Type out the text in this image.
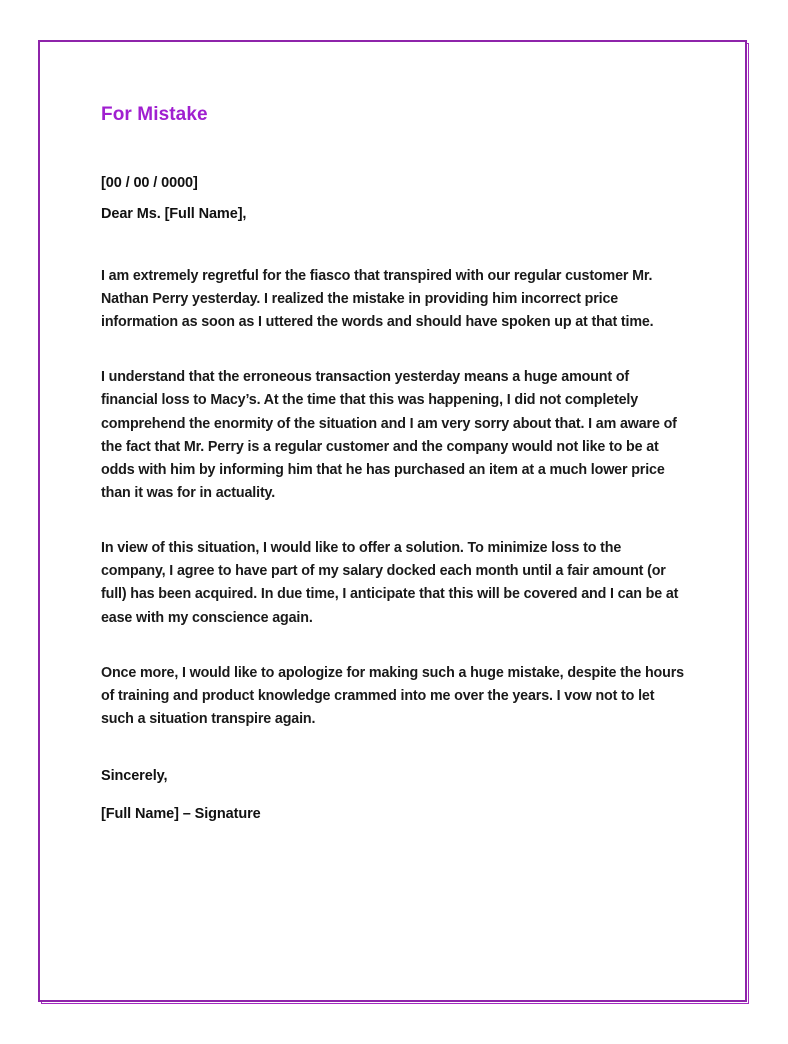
For Mistake

[00 / 00 / 0000]

Dear Ms. [Full Name],

I am extremely regretful for the fiasco that transpired with our regular customer Mr. Nathan Perry yesterday. I realized the mistake in providing him incorrect price information as soon as I uttered the words and should have spoken up at that time.

I understand that the erroneous transaction yesterday means a huge amount of financial loss to Macy’s. At the time that this was happening, I did not completely comprehend the enormity of the situation and I am very sorry about that. I am aware of the fact that Mr. Perry is a regular customer and the company would not like to be at odds with him by informing him that he has purchased an item at a much lower price than it was for in actuality.

In view of this situation, I would like to offer a solution. To minimize loss to the company, I agree to have part of my salary docked each month until a fair amount (or full) has been acquired. In due time, I anticipate that this will be covered and I can be at ease with my conscience again.

Once more, I would like to apologize for making such a huge mistake, despite the hours of training and product knowledge crammed into me over the years. I vow not to let such a situation transpire again.

Sincerely,

[Full Name] – Signature
